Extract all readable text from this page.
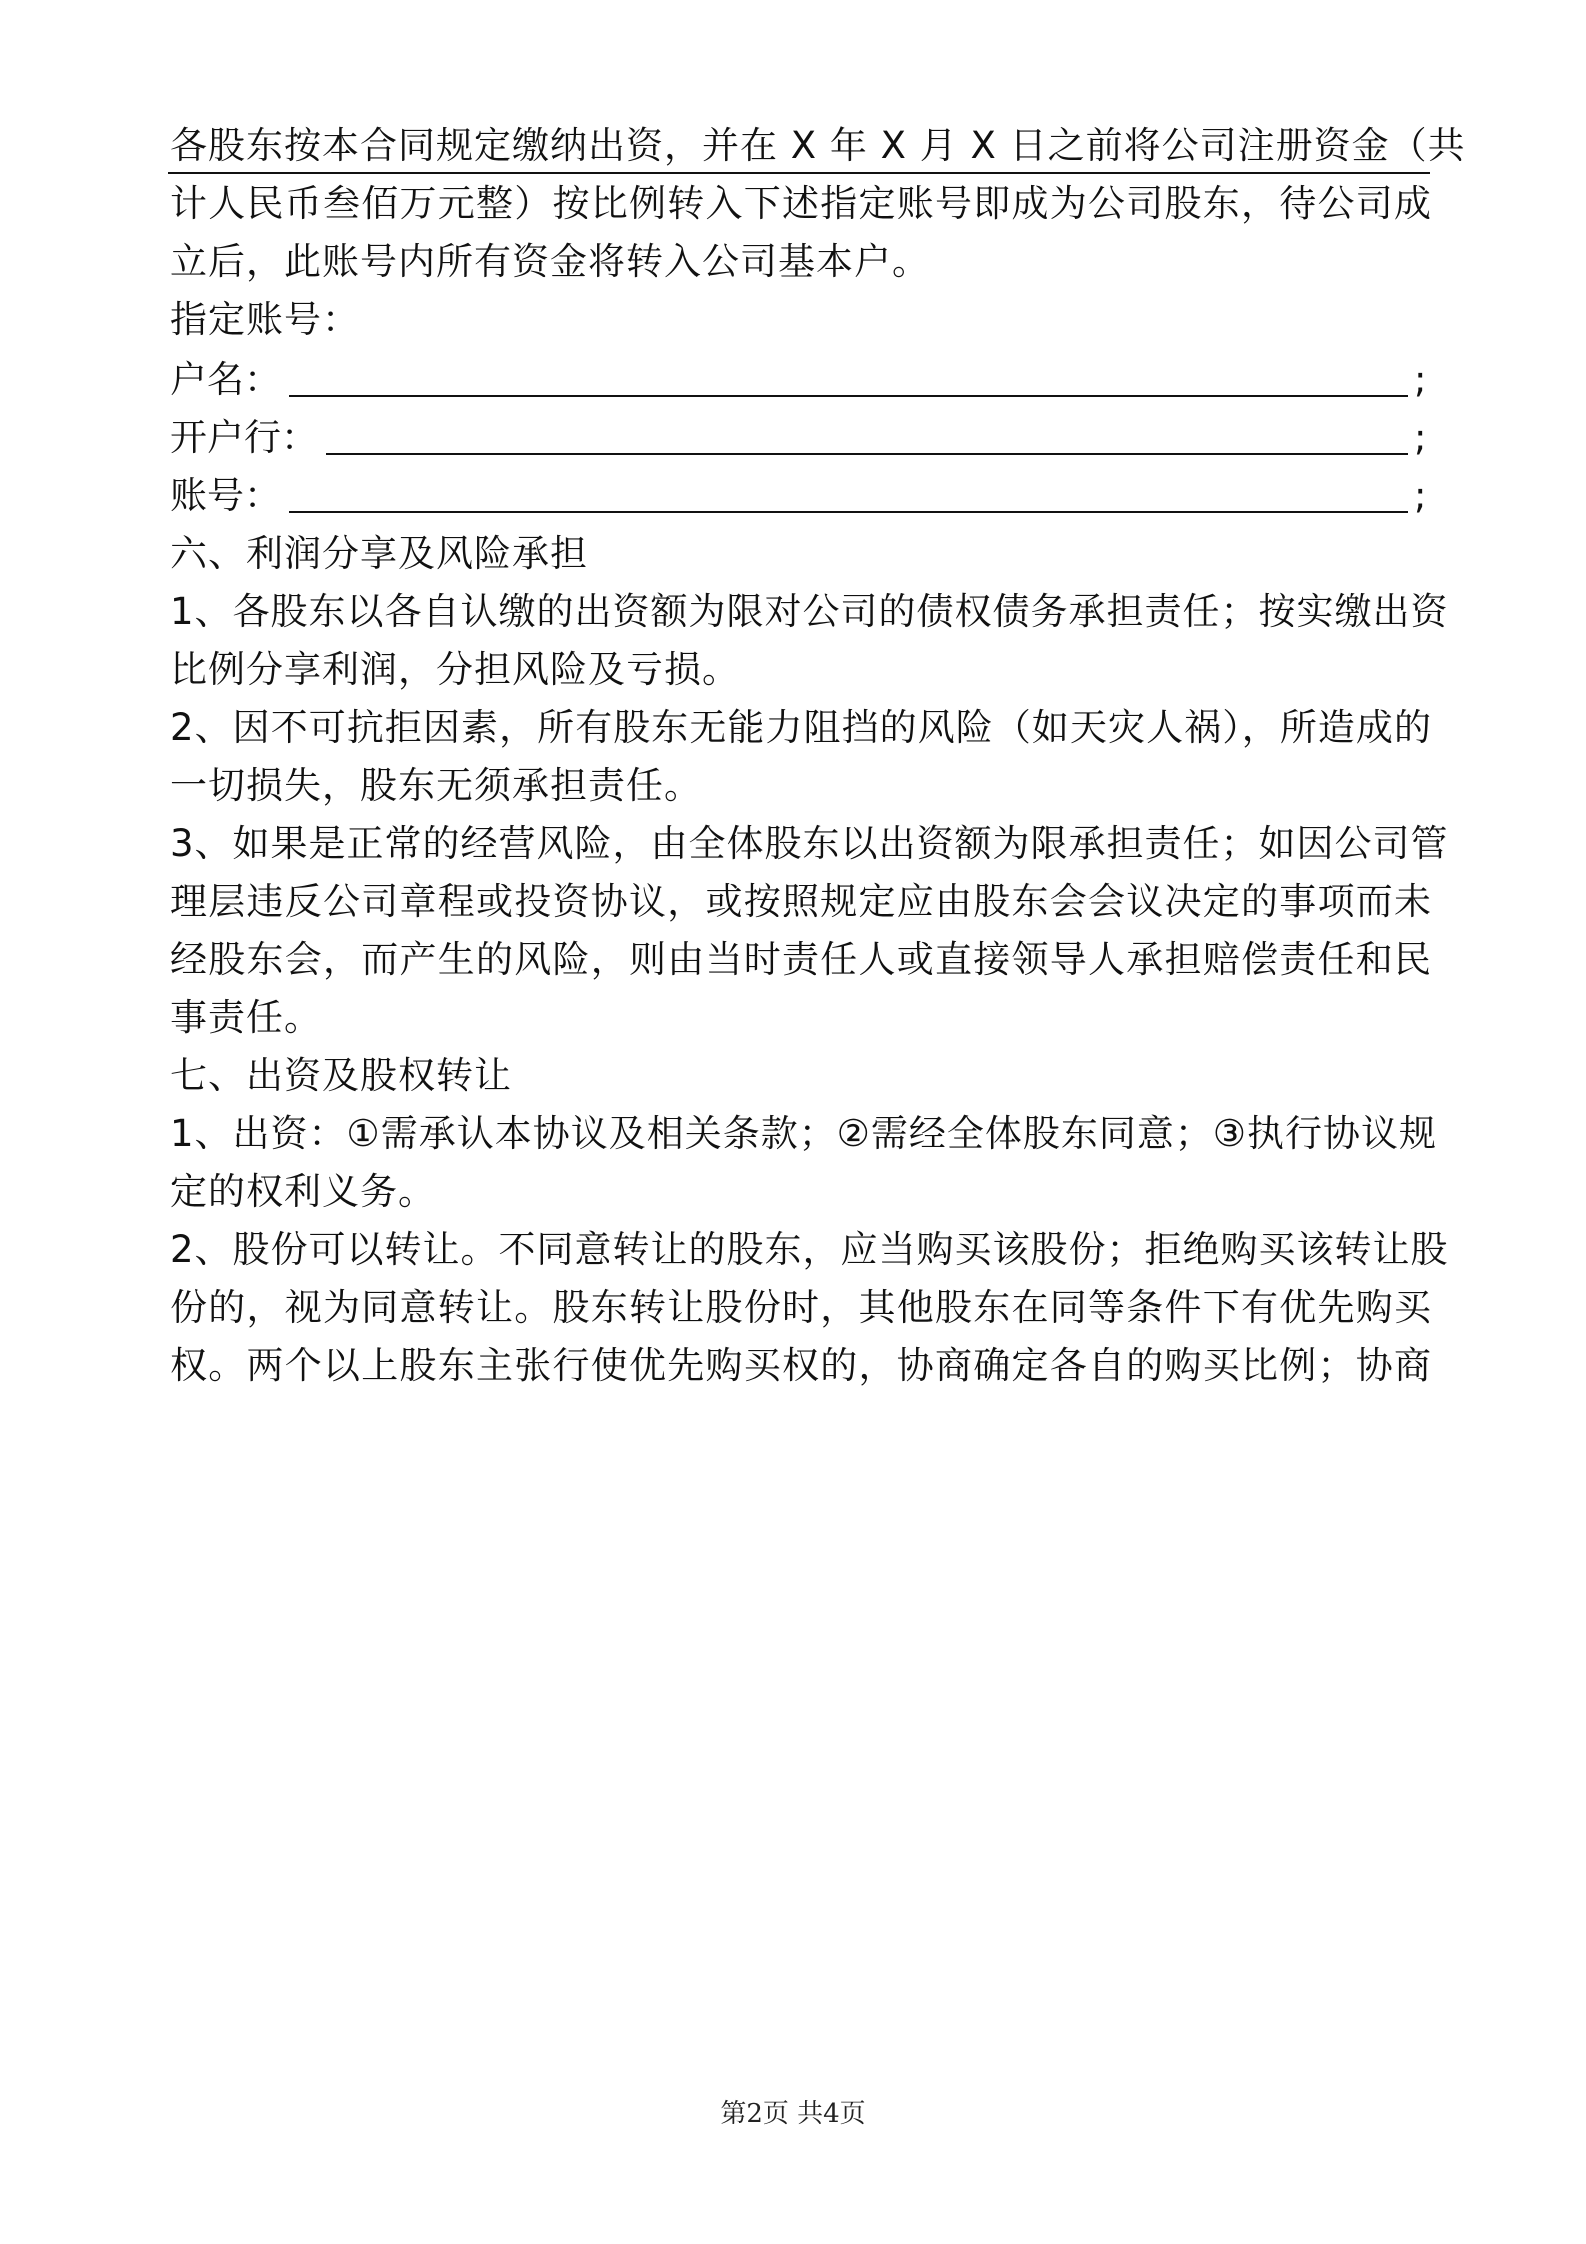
各股东按本合同规定缴纳出资，并在 X 年 X 月 X 日之前将公司注册资金（共
计人民币叁佰万元整）按比例转入下述指定账号即成为公司股东，待公司成
立后，此账号内所有资金将转入公司基本户。
指定账号：
户名：	;
开户行：	;
账号：	;
六、利润分享及风险承担
1、各股东以各自认缴的出资额为限对公司的债权债务承担责任；按实缴出资
比例分享利润，分担风险及亏损。
2、因不可抗拒因素，所有股东无能力阻挡的风险（如天灾人祸），所造成的
一切损失，股东无须承担责任。
3、如果是正常的经营风险，由全体股东以出资额为限承担责任；如因公司管
理层违反公司章程或投资协议，或按照规定应由股东会会议决定的事项而未
经股东会，而产生的风险，则由当时责任人或直接领导人承担赔偿责任和民
事责任。
七、出资及股权转让
1、出资：①需承认本协议及相关条款；②需经全体股东同意；③执行协议规
定的权利义务。
2、股份可以转让。不同意转让的股东，应当购买该股份；拒绝购买该转让股
份的，视为同意转让。股东转让股份时，其他股东在同等条件下有优先购买
权。两个以上股东主张行使优先购买权的，协商确定各自的购买比例；协商
第2页 共4页
